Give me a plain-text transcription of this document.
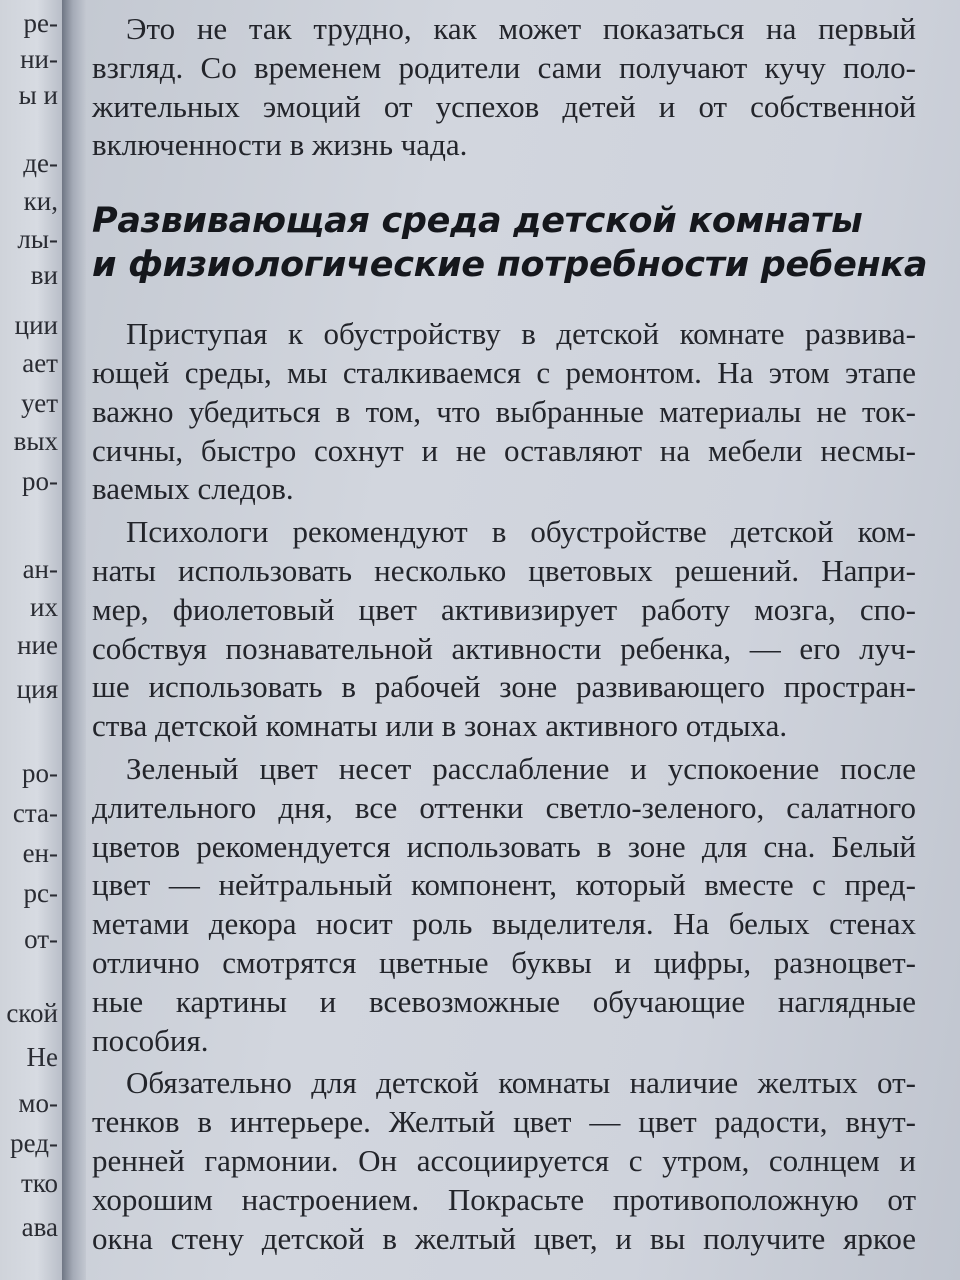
ре-
ни-
ы и
де-
ки,
лы-
ви
ции
ает
ует
вых
ро-
ан-
их
ние
ция
ро-
ста-
ен-
рс-
от-
ской
Не
мо-
ред-
тко
ава
Это не так трудно, как может показаться на первый
взгляд. Со временем родители сами получают кучу поло-
жительных эмоций от успехов детей и от собственной
включенности в жизнь чада.
Развивающая среда детской комнаты
и физиологические потребности ребенка
Приступая к обустройству в детской комнате развива-
ющей среды, мы сталкиваемся с ремонтом. На этом этапе
важно убедиться в том, что выбранные материалы не ток-
сичны, быстро сохнут и не оставляют на мебели несмы-
ваемых следов.
Психологи рекомендуют в обустройстве детской ком-
наты использовать несколько цветовых решений. Напри-
мер, фиолетовый цвет активизирует работу мозга, спо-
собствуя познавательной активности ребенка, — его луч-
ше использовать в рабочей зоне развивающего простран-
ства детской комнаты или в зонах активного отдыха.
Зеленый цвет несет расслабление и успокоение после
длительного дня, все оттенки светло-зеленого, салатного
цветов рекомендуется использовать в зоне для сна. Белый
цвет — нейтральный компонент, который вместе с пред-
метами декора носит роль выделителя. На белых стенах
отлично смотрятся цветные буквы и цифры, разноцвет-
ные картины и всевозможные обучающие наглядные
пособия.
Обязательно для детской комнаты наличие желтых от-
тенков в интерьере. Желтый цвет — цвет радости, внут-
ренней гармонии. Он ассоциируется с утром, солнцем и
хорошим настроением. Покрасьте противоположную от
окна стену детской в желтый цвет, и вы получите яркое
